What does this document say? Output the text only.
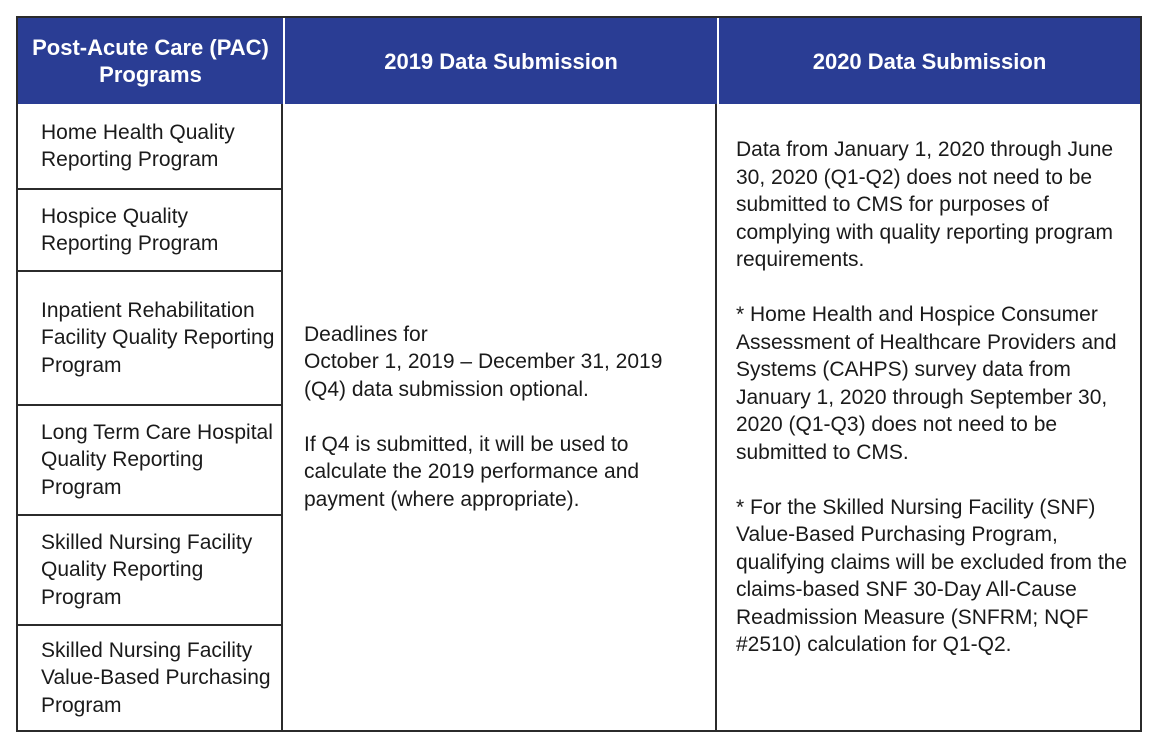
Post-Acute Care (PAC) Programs
2019 Data Submission	2020 Data Submission
Home Health Quality Reporting Program
Hospice Quality Reporting Program
Inpatient Rehabilitation Facility Quality Reporting Program
Long Term Care Hospital Quality Reporting Program
Skilled Nursing Facility Quality Reporting Program
Skilled Nursing Facility Value-Based Purchasing Program

Deadlines for

October 1, 2019 – December 31, 2019 (Q4) data submission optional.

If Q4 is submitted, it will be used to calculate the 2019 performance and payment (where appropriate).

Data from January 1, 2020 through June 30, 2020 (Q1-Q2) does not need to be submitted to CMS for purposes of complying with quality reporting program requirements.

* Home Health and Hospice Consumer Assessment of Healthcare Providers and Systems (CAHPS) survey data from January 1, 2020 through September 30, 2020 (Q1-Q3) does not need to be submitted to CMS.

* For the Skilled Nursing Facility (SNF) Value-Based Purchasing Program, qualifying claims will be excluded from the claims-based SNF 30-Day All-Cause Readmission Measure (SNFRM; NQF #2510) calculation for Q1-Q2.
